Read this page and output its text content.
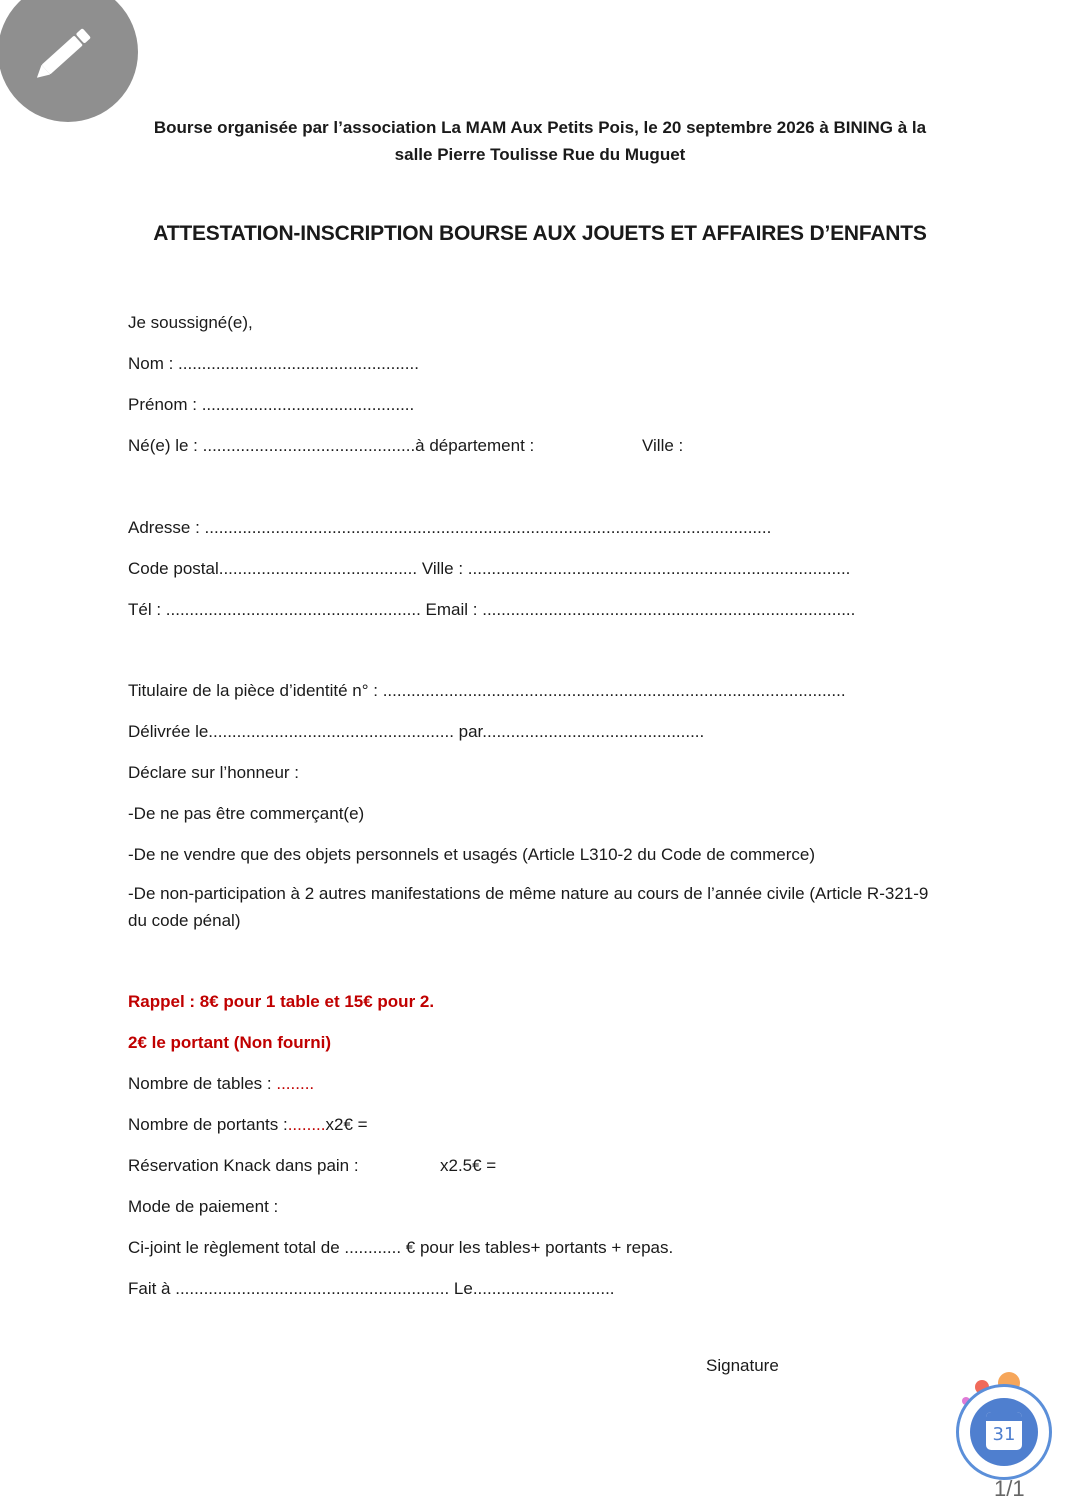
Bourse organisée par l’association La MAM Aux Petits Pois, le 20 septembre 2026 à BINING à la
salle Pierre Toulisse Rue du Muguet
ATTESTATION-INSCRIPTION BOURSE AUX JOUETS ET AFFAIRES D’ENFANTS
Je soussigné(e),
Nom : ...................................................
Prénom : .............................................
Né(e) le : .............................................à département :	Ville :
Adresse : ........................................................................................................................
Code postal.......................................... Ville : .................................................................................
Tél : ...................................................... Email : ...............................................................................
Titulaire de la pièce d’identité n° : ..................................................................................................
Délivrée le.................................................... par...............................................
Déclare sur l’honneur :
-De ne pas être commerçant(e)
-De ne vendre que des objets personnels et usagés (Article L310-2 du Code de commerce)
-De non-participation à 2 autres manifestations de même nature au cours de l’année civile (Article R-321-9 du code pénal)
Rappel : 8€ pour 1 table et 15€ pour 2.
2€ le portant (Non fourni)
Nombre de tables : ........
Nombre de portants :........x2€ =
Réservation Knack dans pain :	x2.5€ =
Mode de paiement :
Ci-joint le règlement total de ............ € pour les tables+ portants + repas.
Fait à .......................................................... Le..............................
Signature
31
1/1
